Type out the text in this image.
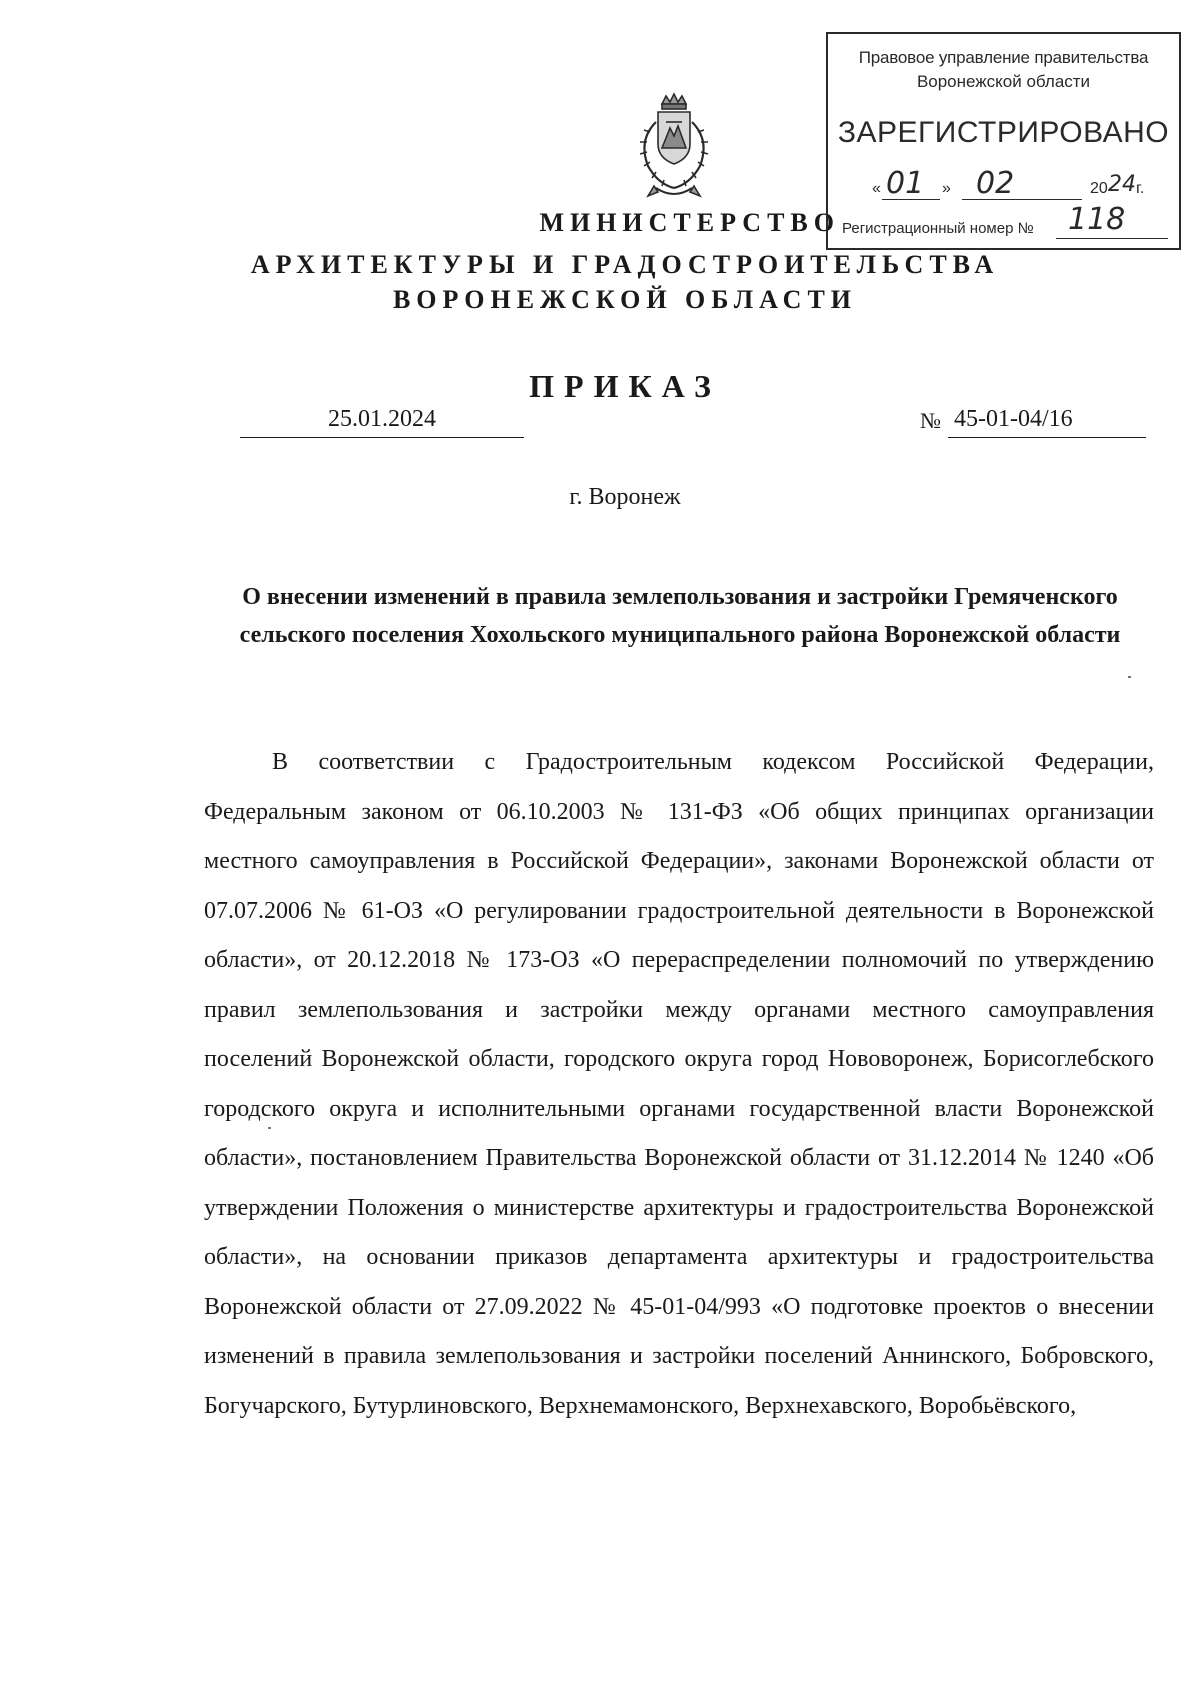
МИНИСТЕРСТВО
АРХИТЕКТУРЫ И ГРАДОСТРОИТЕЛЬСТВА
ВОРОНЕЖСКОЙ ОБЛАСТИ
Правовое управление правительства
Воронежской области
ЗАРЕГИСТРИРОВАНО
« 01 » 02	20 24 г.
Регистрационный номер № 118
ПРИКАЗ
25.01.2024	№ 45-01-04/16
г. Воронеж
О внесении изменений в правила землепользования и застройки Гремяченского сельского поселения Хохольского муниципального района Воронежской области

В соответствии с Градостроительным кодексом Российской Федерации, Федеральным законом от 06.10.2003 № 131-ФЗ «Об общих принципах организации местного самоуправления в Российской Федерации», законами Воронежской области от 07.07.2006 № 61-ОЗ «О регулировании градостроительной деятельности в Воронежской области», от 20.12.2018 № 173-ОЗ «О перераспределении полномочий по утверждению правил землепользования и застройки между органами местного самоуправления поселений Воронежской области, городского округа город Нововоронеж, Борисоглебского городского округа и исполнительными органами государственной власти Воронежской области», постановлением Правительства Воронежской области от 31.12.2014 № 1240 «Об утверждении Положения о министерстве архитектуры и градостроительства Воронежской области», на основании приказов департамента архитектуры и градостроительства Воронежской области от 27.09.2022 № 45-01-04/993 «О подготовке проектов о внесении изменений в правила землепользования и застройки поселений Аннинского, Бобровского, Богучарского, Бутурлиновского, Верхнемамонского, Верхнехавского, Воробьёвского,
